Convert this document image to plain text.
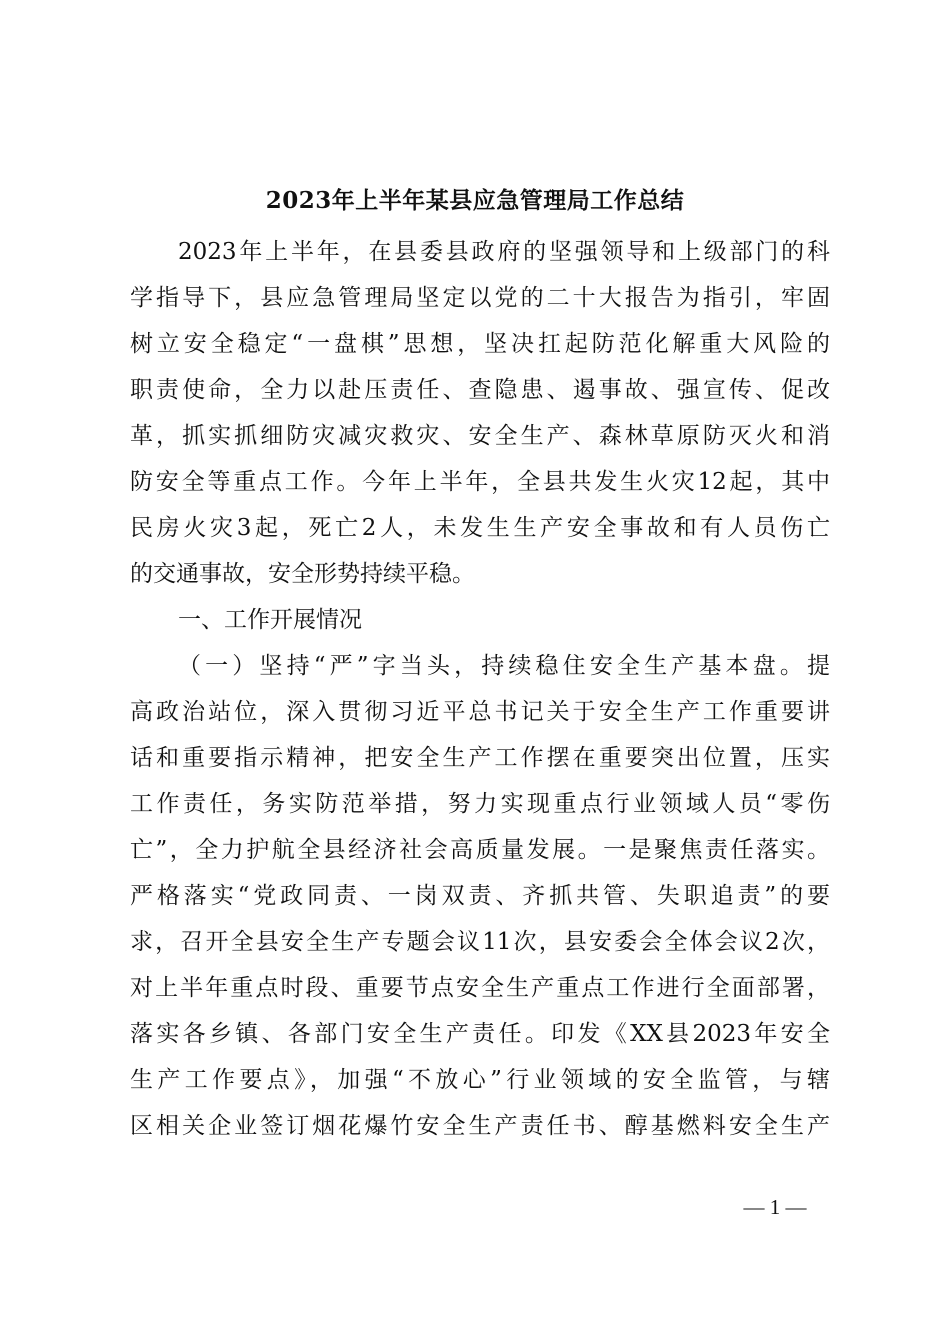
2023年上半年某县应急管理局工作总结
2023年上半年，在县委县政府的坚强领导和上级部门的科
学指导下，县应急管理局坚定以党的二十大报告为指引，牢固
树立安全稳定“一盘棋”思想，坚决扛起防范化解重大风险的
职责使命，全力以赴压责任、查隐患、遏事故、强宣传、促改
革，抓实抓细防灾减灾救灾、安全生产、森林草原防灭火和消
防安全等重点工作。今年上半年，全县共发生火灾12起，其中
民房火灾3起，死亡2人，未发生生产安全事故和有人员伤亡
的交通事故，安全形势持续平稳。
一、工作开展情况
（一）坚持“严”字当头，持续稳住安全生产基本盘。提
高政治站位，深入贯彻习近平总书记关于安全生产工作重要讲
话和重要指示精神，把安全生产工作摆在重要突出位置，压实
工作责任，务实防范举措，努力实现重点行业领域人员“零伤
亡”，全力护航全县经济社会高质量发展。一是聚焦责任落实。
严格落实“党政同责、一岗双责、齐抓共管、失职追责”的要
求，召开全县安全生产专题会议11次，县安委会全体会议2次，
对上半年重点时段、重要节点安全生产重点工作进行全面部署，
落实各乡镇、各部门安全生产责任。印发《XX县2023年安全
生产工作要点》，加强“不放心”行业领域的安全监管，与辖
区相关企业签订烟花爆竹安全生产责任书、醇基燃料安全生产
— 1 —
